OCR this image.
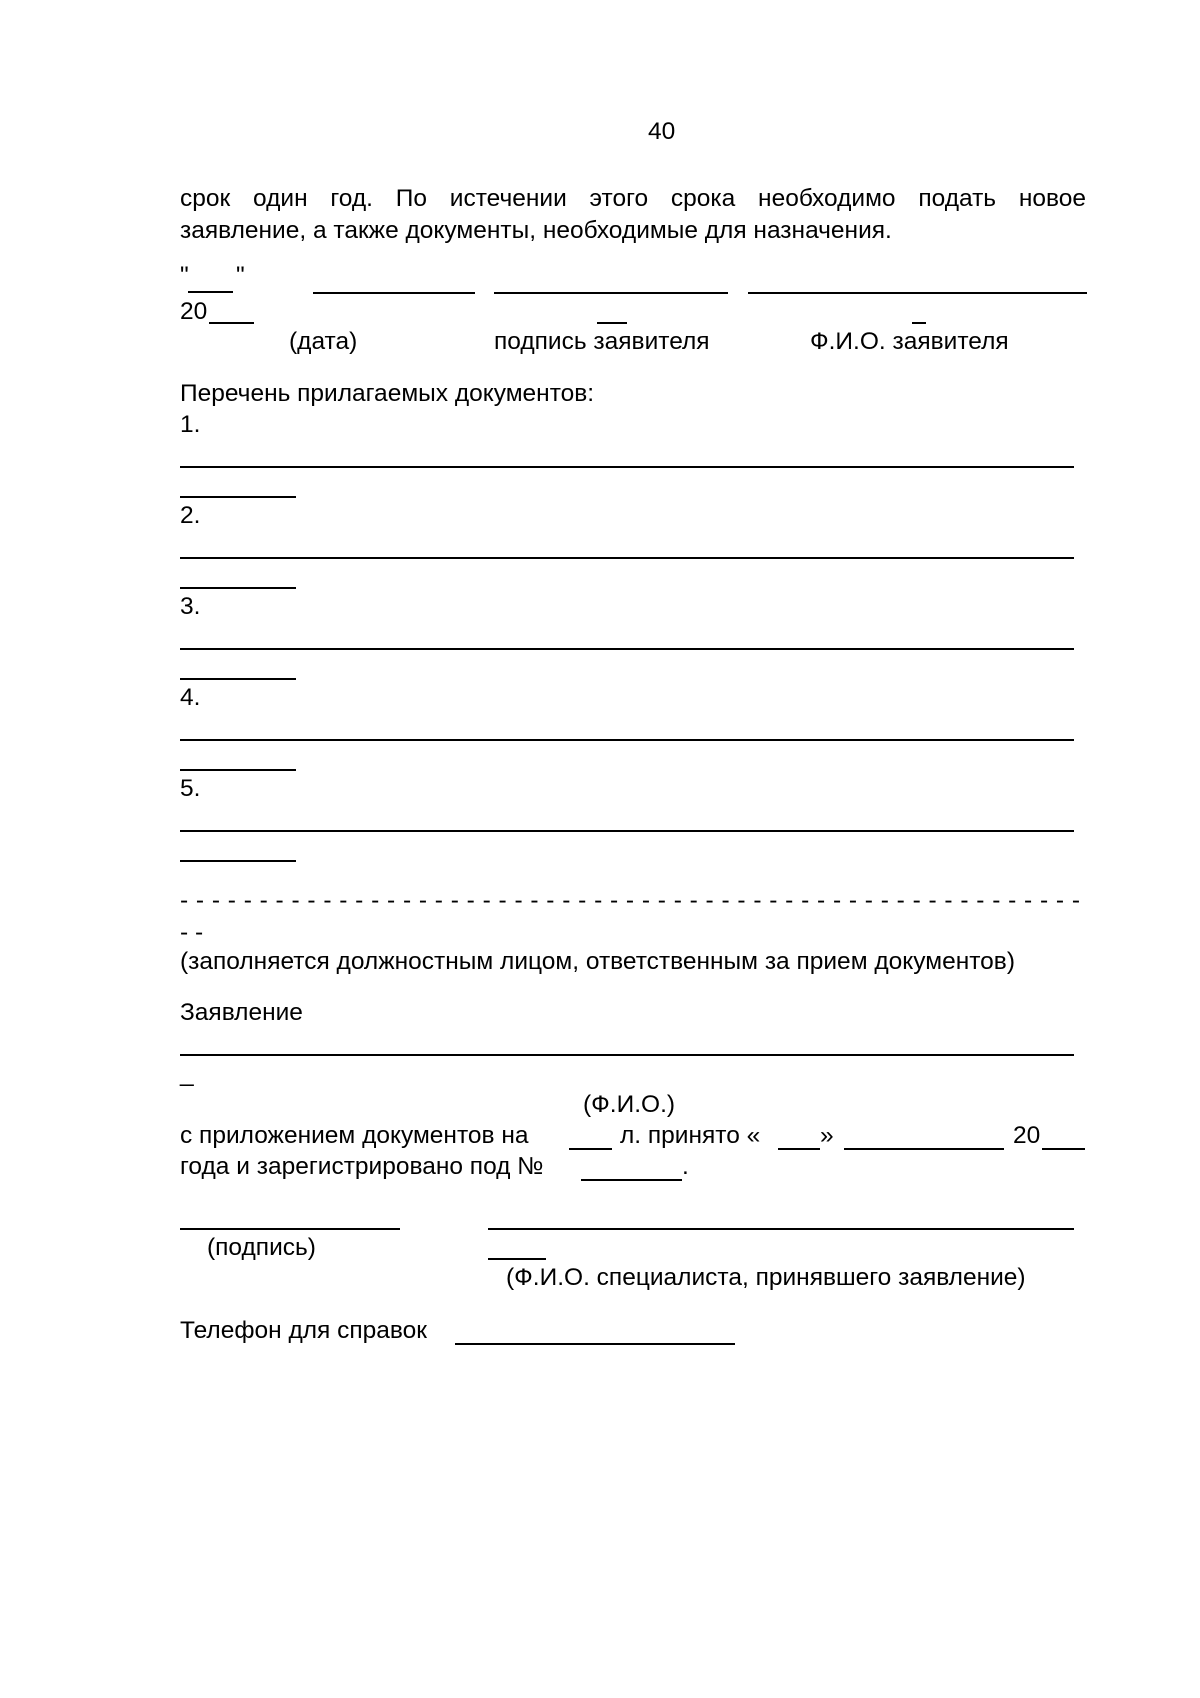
40
срок один год. По истечении этого срока необходимо подать новое
заявление, а также документы, необходимые для назначения.
" "
20
(дата)	подпись заявителя	Ф.И.О. заявителя
Перечень прилагаемых документов:
1.
2.
3.
4.
5.
- - - - - - - - - - - - - - - - - - - - - - - - - - - - - - - - - - - - - - - - - - - - - - - - - - - - - - - - -
- -
(заполняется должностным лицом, ответственным за прием документов)
Заявление
_
(Ф.И.О.)
с приложением документов на	л. принято « »	20
года и зарегистрировано под №	.
(подпись)
(Ф.И.О. специалиста, принявшего заявление)
Телефон для справок
